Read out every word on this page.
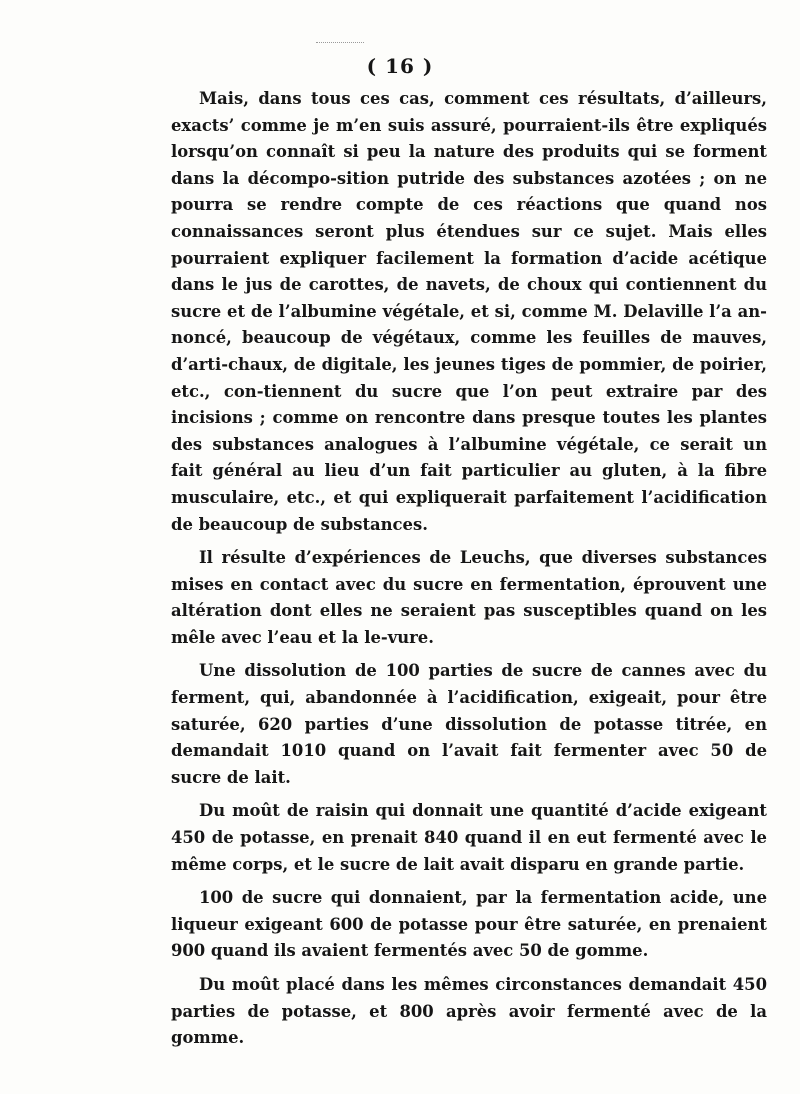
( 16 )

Mais, dans tous ces cas, comment ces résultats, d’ailleurs, exacts’ comme je m’en suis assuré, pourraient-ils être expliqués lorsqu’on connaît si peu la nature des produits qui se forment dans la décompo-sition putride des substances azotées ; on ne pourra se rendre compte de ces réactions que quand nos connaissances seront plus étendues sur ce sujet. Mais elles pourraient expliquer facilement la formation d’acide acétique dans le jus de carottes, de navets, de choux qui contiennent du sucre et de l’albumine végétale, et si, comme M. Delaville l’a an-noncé, beaucoup de végétaux, comme les feuilles de mauves, d’arti-chaux, de digitale, les jeunes tiges de pommier, de poirier, etc., con-tiennent du sucre que l’on peut extraire par des incisions ; comme on rencontre dans presque toutes les plantes des substances analogues à l’albumine végétale, ce serait un fait général au lieu d’un fait particulier au gluten, à la fibre musculaire, etc., et qui expliquerait parfaitement l’acidification de beaucoup de substances.

Il résulte d’expériences de Leuchs, que diverses substances mises en contact avec du sucre en fermentation, éprouvent une altération dont elles ne seraient pas susceptibles quand on les mêle avec l’eau et la le-vure.

Une dissolution de 100 parties de sucre de cannes avec du ferment, qui, abandonnée à l’acidification, exigeait, pour être saturée, 620 parties d’une dissolution de potasse titrée, en demandait 1010 quand on l’avait fait fermenter avec 50 de sucre de lait.

Du moût de raisin qui donnait une quantité d’acide exigeant 450 de potasse, en prenait 840 quand il en eut fermenté avec le même corps, et le sucre de lait avait disparu en grande partie.

100 de sucre qui donnaient, par la fermentation acide, une liqueur exigeant 600 de potasse pour être saturée, en prenaient 900 quand ils avaient fermentés avec 50 de gomme.

Du moût placé dans les mêmes circonstances demandait 450 parties de potasse, et 800 après avoir fermenté avec de la gomme.
